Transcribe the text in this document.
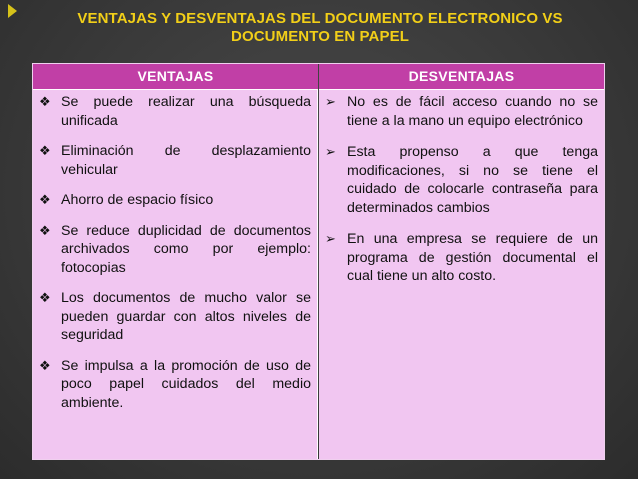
VENTAJAS Y DESVENTAJAS DEL DOCUMENTO ELECTRONICO VS
DOCUMENTO EN PAPEL
VENTAJAS	DESVENTAJAS
❖ Se puede realizar una búsqueda unificada
❖ Eliminación de desplazamiento vehicular
❖ Ahorro de espacio físico
❖ Se reduce duplicidad de documentos archivados como por ejemplo: fotocopias
❖ Los documentos de mucho valor se pueden guardar con altos niveles de seguridad
❖ Se impulsa a la promoción de uso de poco papel cuidados del medio ambiente.
➢ No es de fácil acceso cuando no se tiene a la mano un equipo electrónico
➢ Esta propenso a que tenga modificaciones, si no se tiene el cuidado de colocarle contraseña para determinados cambios
➢ En una empresa se requiere de un programa de gestión documental el cual tiene un alto costo.
